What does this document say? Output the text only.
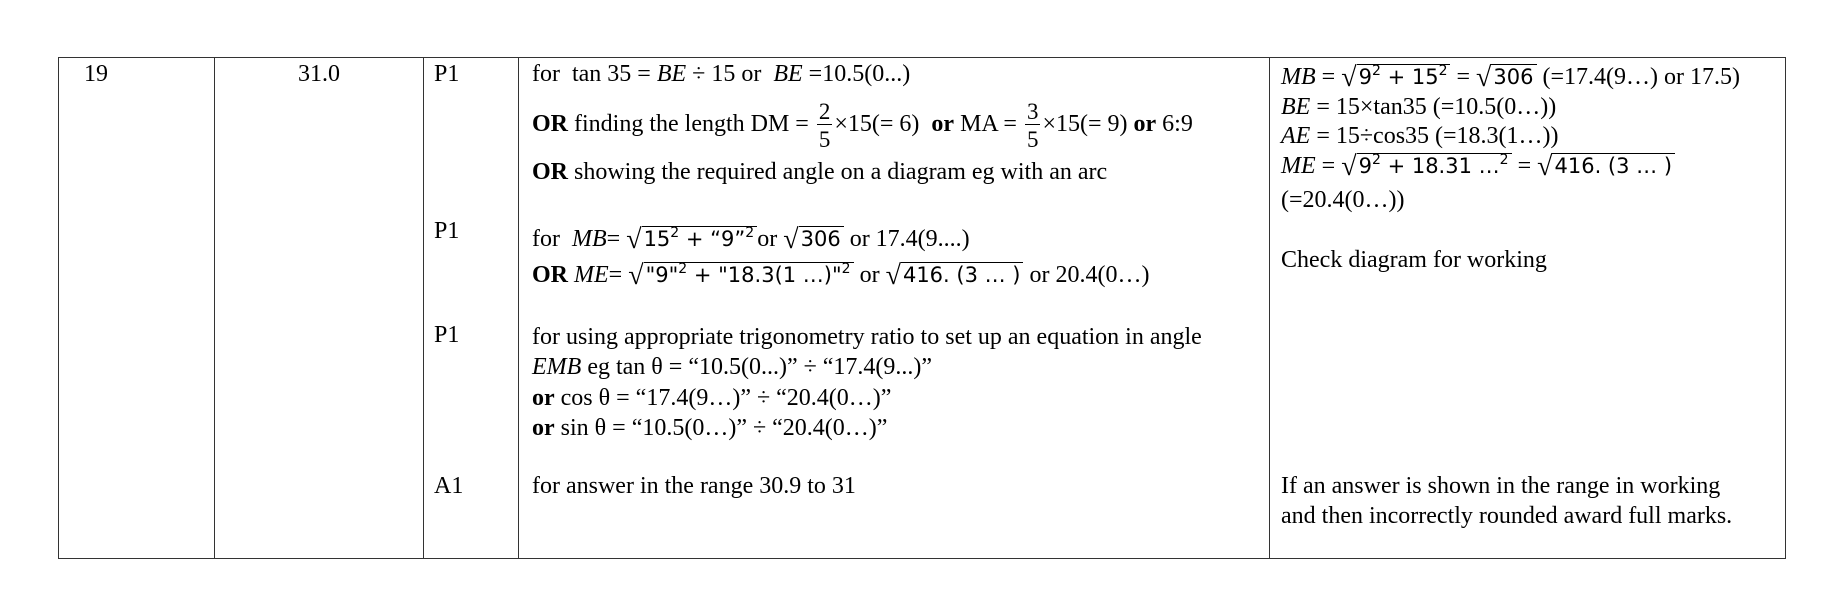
19	31.0	P1
P1
P1
A1
for tan 35 = BE ÷ 15 or BE =10.5(0...)
OR finding the length DM = $\frac{2}{5} \times 15(= 6)$ or MA = $\frac{3}{5} \times 15(= 9)$ or 6:9
OR showing the required angle on a diagram eg with an arc
for $MB= √15^2$ + “9”$^2$ or √306 or 17.4(9....)
OR ME= √"9"$^2$ + "18.3(1 …)"$^2$ or √416. (3 … ) or 20.4(0…)
for using appropriate trigonometry ratio to set up an equation in angle
EMB eg tan θ = “10.5(0...)” ÷ “17.4(9...)”
or cos θ = “17.4(9…)” ÷ “20.4(0…)”
or sin θ = “10.5(0…)” ÷ “20.4(0…)”
for answer in the range 30.9 to 31
MB = $√9^2 + 15^2 = √306$ (=17.4(9…) or 17.5)
BE = 15×tan35 (=10.5(0…))
AE = 15÷cos35 (=18.3(1…))
ME = $√9^2 + 18.31$ …$^2$ = √416. (3 … )
(=20.4(0…))
Check diagram for working
If an answer is shown in the range in working
and then incorrectly rounded award full marks.
